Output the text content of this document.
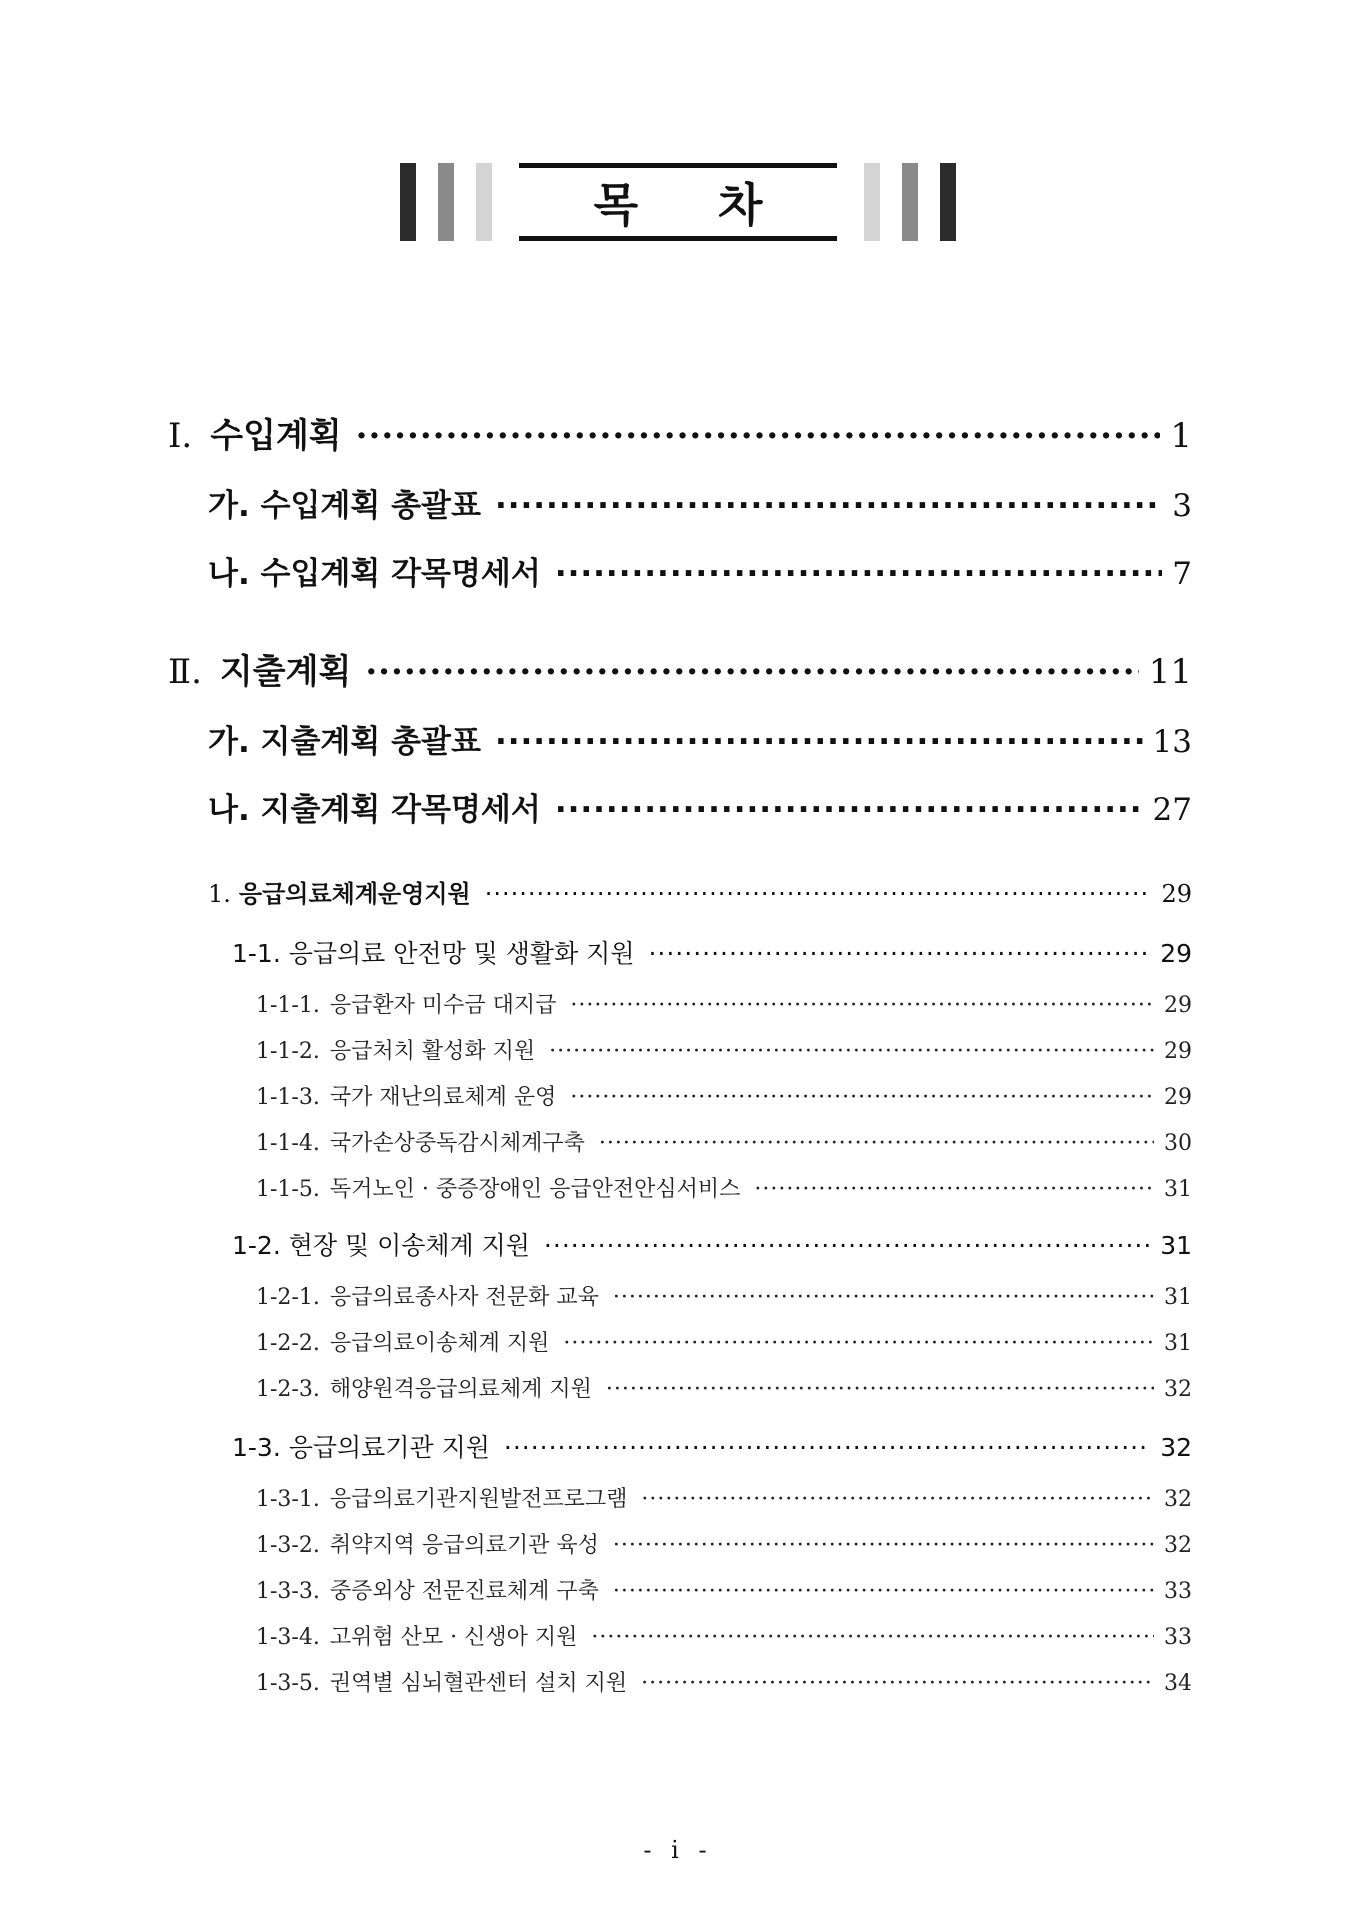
목차
Ⅰ. 수입계획 ·····	1
가. 수입계획 총괄표 ·····	3
나. 수입계획 각목명세서 ·····	7
Ⅱ. 지출계획 ·····	11
가. 지출계획 총괄표 ·····	13
나. 지출계획 각목명세서 ·····	27
1. 응급의료체계운영지원 ·····	29
1-1. 응급의료 안전망 및 생활화 지원 ·····	29
1-1-1. 응급환자 미수금 대지급 ·····	29
1-1-2. 응급처치 활성화 지원 ·····	29
1-1-3. 국가 재난의료체계 운영 ·····	29
1-1-4. 국가손상중독감시체계구축 ·····	30
1-1-5. 독거노인 · 중증장애인 응급안전안심서비스 ·····	31
1-2. 현장 및 이송체계 지원 ·····	31
1-2-1. 응급의료종사자 전문화 교육 ·····	31
1-2-2. 응급의료이송체계 지원 ·····	31
1-2-3. 해양원격응급의료체계 지원 ·····	32
1-3. 응급의료기관 지원 ·····	32
1-3-1. 응급의료기관지원발전프로그램 ·····	32
1-3-2. 취약지역 응급의료기관 육성 ·····	32
1-3-3. 중증외상 전문진료체계 구축 ·····	33
1-3-4. 고위험 산모 · 신생아 지원 ·····	33
1-3-5. 권역별 심뇌혈관센터 설치 지원 ·····	34
- i -
